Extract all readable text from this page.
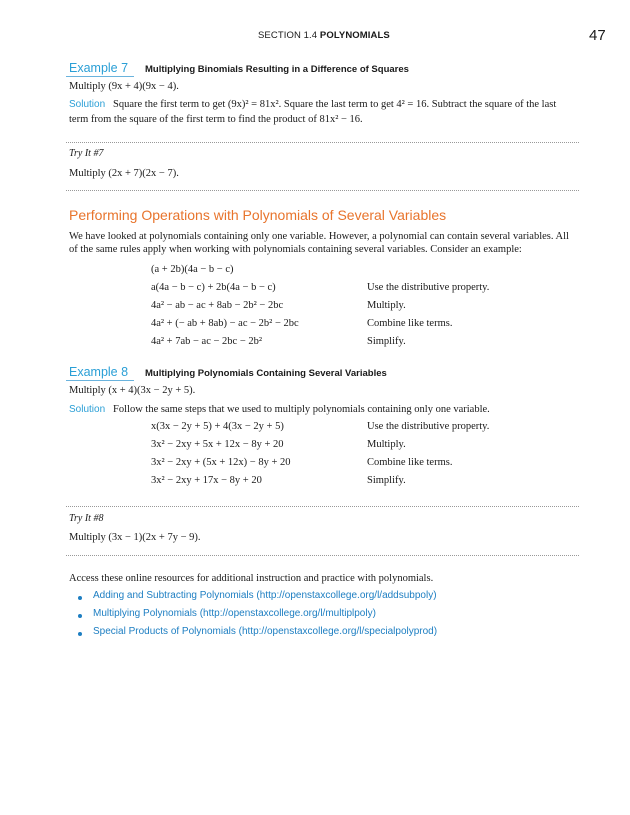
SECTION 1.4 POLYNOMIALS	47
Example 7 Multiplying Binomials Resulting in a Difference of Squares
Multiply (9x + 4)(9x − 4).
Solution Square the first term to get (9x)² = 81x². Square the last term to get 4² = 16. Subtract the square of the last
term from the square of the first term to find the product of 81x² − 16.
Try It #7
Multiply (2x + 7)(2x − 7).
Performing Operations with Polynomials of Several Variables
We have looked at polynomials containing only one variable. However, a polynomial can contain several variables. All
of the same rules apply when working with polynomials containing several variables. Consider an example:
(a + 2b)(4a − b − c)
a(4a − b − c) + 2b(4a − b − c)	Use the distributive property.
4a² − ab − ac + 8ab − 2b² − 2bc	Multiply.
4a² + (− ab + 8ab) − ac − 2b² − 2bc	Combine like terms.
4a² + 7ab − ac − 2bc − 2b²	Simplify.
Example 8 Multiplying Polynomials Containing Several Variables
Multiply (x + 4)(3x − 2y + 5).
Solution Follow the same steps that we used to multiply polynomials containing only one variable.
x(3x − 2y + 5) + 4(3x − 2y + 5)	Use the distributive property.
3x² − 2xy + 5x + 12x − 8y + 20	Multiply.
3x² − 2xy + (5x + 12x) − 8y + 20	Combine like terms.
3x² − 2xy + 17x − 8y + 20	Simplify.
Try It #8
Multiply (3x − 1)(2x + 7y − 9).
Access these online resources for additional instruction and practice with polynomials.
Adding and Subtracting Polynomials (http://openstaxcollege.org/l/addsubpoly)
Multiplying Polynomials (http://openstaxcollege.org/l/multiplpoly)
Special Products of Polynomials (http://openstaxcollege.org/l/specialpolyprod)
